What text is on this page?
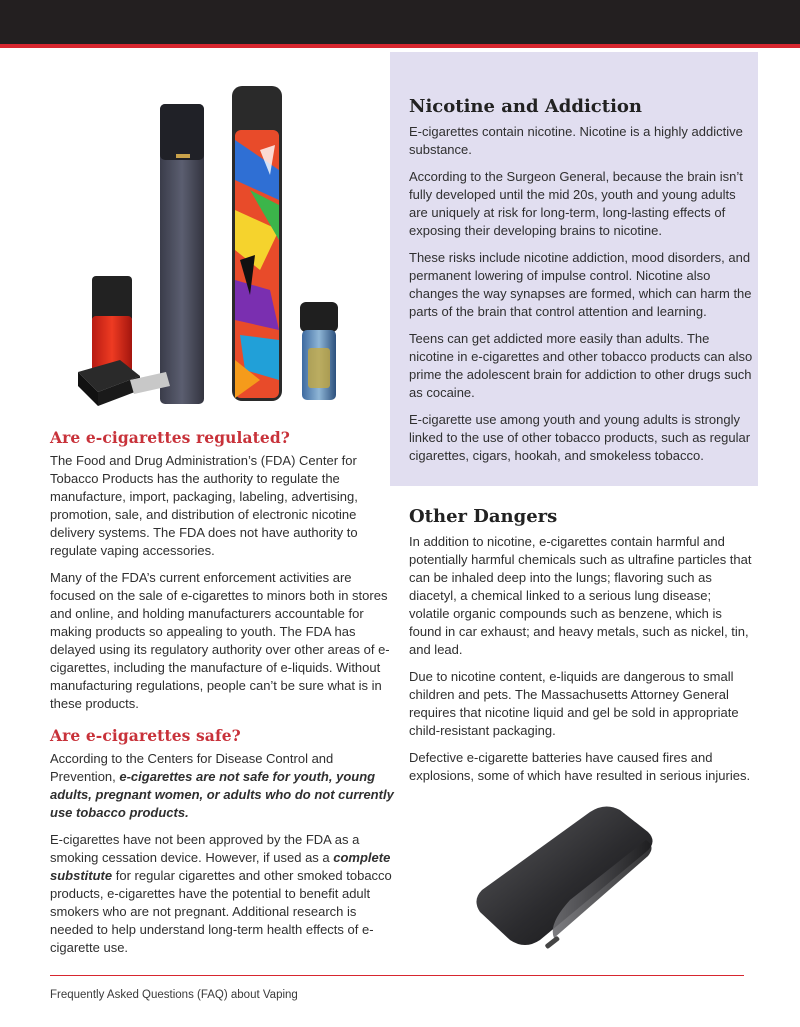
Are e-cigarettes regulated?

The Food and Drug Administration’s (FDA) Center for Tobacco Products has the authority to regulate the manufacture, import, packaging, labeling, advertising, promotion, sale, and distribution of electronic nicotine delivery systems. The FDA does not have authority to regulate vaping accessories.

Many of the FDA’s current enforcement activities are focused on the sale of e-cigarettes to minors both in stores and online, and holding manufacturers accountable for making products so appealing to youth. The FDA has delayed using its regulatory authority over other areas of e-cigarettes, including the manufacture of e-liquids. Without manufacturing regulations, people can’t be sure what is in these products.

Are e-cigarettes safe?

According to the Centers for Disease Control and Prevention, e-cigarettes are not safe for youth, young adults, pregnant women, or adults who do not currently use tobacco products.

E-cigarettes have not been approved by the FDA as a smoking cessation device. However, if used as a complete substitute for regular cigarettes and other smoked tobacco products, e-cigarettes have the potential to benefit adult smokers who are not pregnant. Additional research is needed to help understand long-term health effects of e-cigarette use.

Nicotine and Addiction

E-cigarettes contain nicotine. Nicotine is a highly addictive substance.

According to the Surgeon General, because the brain isn’t fully developed until the mid 20s, youth and young adults are uniquely at risk for long-term, long-lasting effects of exposing their developing brains to nicotine.

These risks include nicotine addiction, mood disorders, and permanent lowering of impulse control. Nicotine also changes the way synapses are formed, which can harm the parts of the brain that control attention and learning.

Teens can get addicted more easily than adults. The nicotine in e-cigarettes and other tobacco products can also prime the adolescent brain for addiction to other drugs such as cocaine.

E-cigarette use among youth and young adults is strongly linked to the use of other tobacco products, such as regular cigarettes, cigars, hookah, and smokeless tobacco.

Other Dangers

In addition to nicotine, e-cigarettes contain harmful and potentially harmful chemicals such as ultrafine particles that can be inhaled deep into the lungs; flavoring such as diacetyl, a chemical linked to a serious lung disease; volatile organic compounds such as benzene, which is found in car exhaust; and heavy metals, such as nickel, tin, and lead.

Due to nicotine content, e-liquids are dangerous to small children and pets. The Massachusetts Attorney General requires that nicotine liquid and gel be sold in appropriate child-resistant packaging.

Defective e-cigarette batteries have caused fires and explosions, some of which have resulted in serious injuries.

Frequently Asked Questions (FAQ) about Vaping
